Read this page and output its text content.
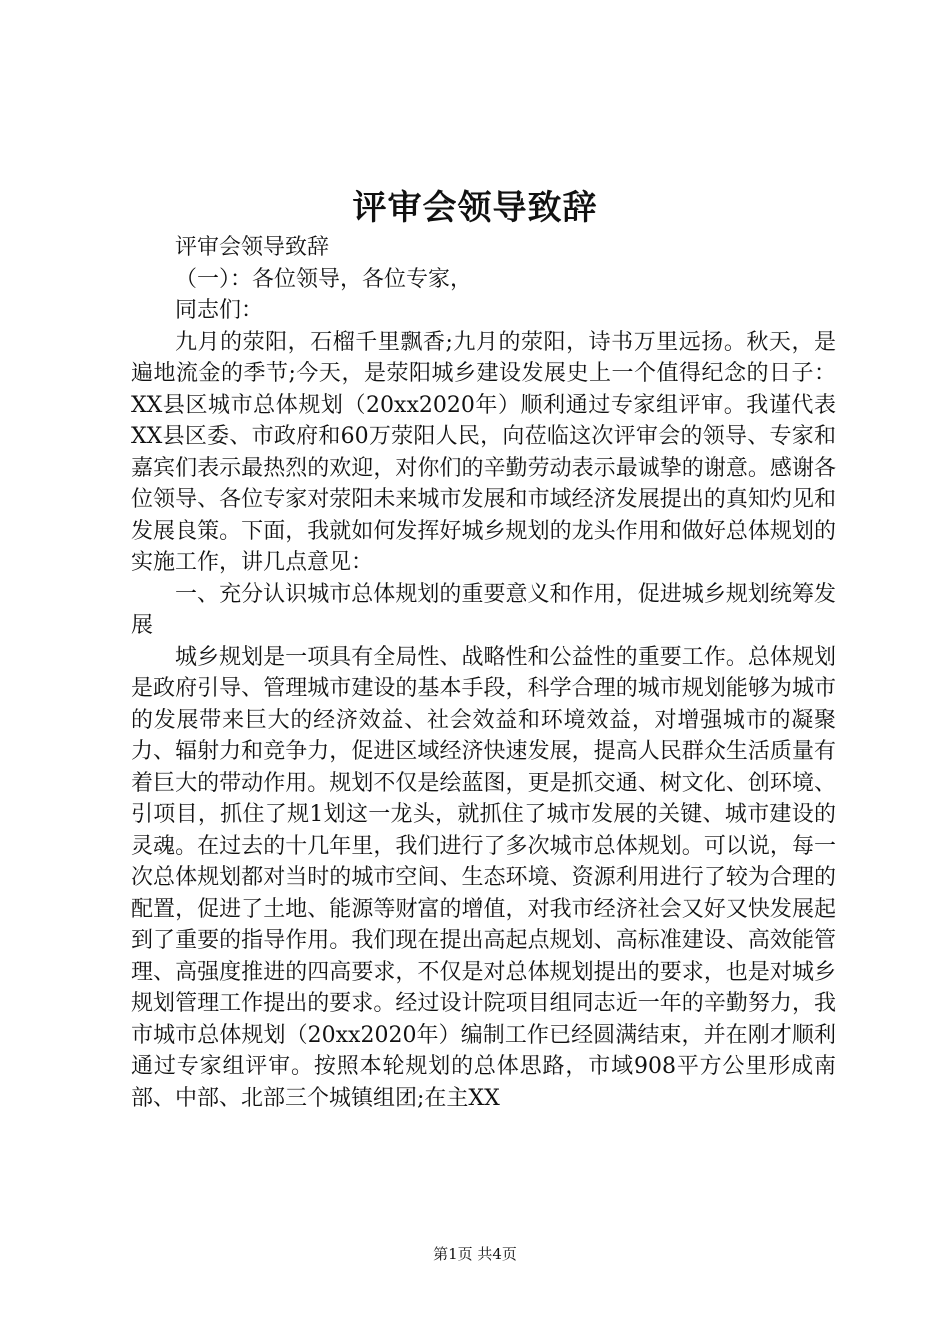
评审会领导致辞

评审会领导致辞

（一）：各位领导，各位专家，

同志们：

九月的荥阳，石榴千里飘香;九月的荥阳，诗书万里远扬。秋天，是遍地流金的季节;今天，是荥阳城乡建设发展史上一个值得纪念的日子：XX县区城市总体规划（20xx2020年）顺利通过专家组评审。我谨代表XX县区委、市政府和60万荥阳人民，向莅临这次评审会的领导、专家和嘉宾们表示最热烈的欢迎，对你们的辛勤劳动表示最诚挚的谢意。感谢各位领导、各位专家对荥阳未来城市发展和市域经济发展提出的真知灼见和发展良策。下面，我就如何发挥好城乡规划的龙头作用和做好总体规划的实施工作，讲几点意见：

一、充分认识城市总体规划的重要意义和作用，促进城乡规划统筹发展

城乡规划是一项具有全局性、战略性和公益性的重要工作。总体规划是政府引导、管理城市建设的基本手段，科学合理的城市规划能够为城市的发展带来巨大的经济效益、社会效益和环境效益，对增强城市的凝聚力、辐射力和竞争力，促进区域经济快速发展，提高人民群众生活质量有着巨大的带动作用。规划不仅是绘蓝图，更是抓交通、树文化、创环境、引项目，抓住了规1划这一龙头，就抓住了城市发展的关键、城市建设的灵魂。在过去的十几年里，我们进行了多次城市总体规划。可以说，每一次总体规划都对当时的城市空间、生态环境、资源利用进行了较为合理的配置，促进了土地、能源等财富的增值，对我市经济社会又好又快发展起到了重要的指导作用。我们现在提出高起点规划、高标准建设、高效能管理、高强度推进的四高要求，不仅是对总体规划提出的要求，也是对城乡规划管理工作提出的要求。经过设计院项目组同志近一年的辛勤努力，我市城市总体规划（20xx2020年）编制工作已经圆满结束，并在刚才顺利通过专家组评审。按照本轮规划的总体思路，市域908平方公里形成南部、中部、北部三个城镇组团;在主XX

第1页 共4页
